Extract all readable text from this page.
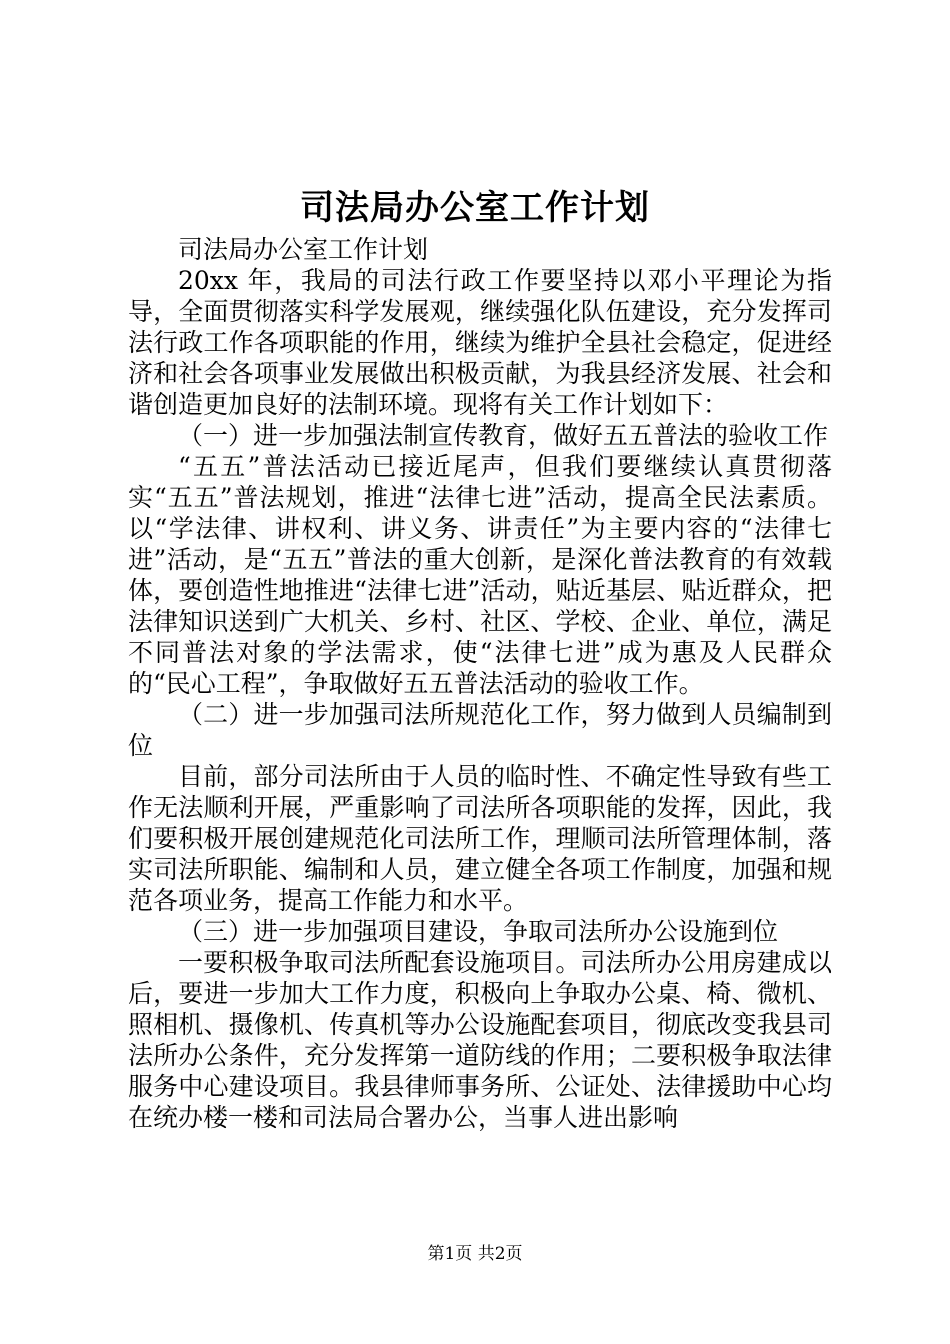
司法局办公室工作计划

司法局办公室工作计划

20xx 年，我局的司法行政工作要坚持以邓小平理论为指导，全面贯彻落实科学发展观，继续强化队伍建设，充分发挥司法行政工作各项职能的作用，继续为维护全县社会稳定，促进经济和社会各项事业发展做出积极贡献，为我县经济发展、社会和谐创造更加良好的法制环境。现将有关工作计划如下：

（一）进一步加强法制宣传教育，做好五五普法的验收工作

“五五”普法活动已接近尾声，但我们要继续认真贯彻落实“五五”普法规划，推进“法律七进”活动，提高全民法素质。以“学法律、讲权利、讲义务、讲责任”为主要内容的“法律七进”活动，是“五五”普法的重大创新，是深化普法教育的有效载体，要创造性地推进“法律七进”活动，贴近基层、贴近群众，把法律知识送到广大机关、乡村、社区、学校、企业、单位，满足不同普法对象的学法需求，使“法律七进”成为惠及人民群众的“民心工程”，争取做好五五普法活动的验收工作。

（二）进一步加强司法所规范化工作，努力做到人员编制到位

目前，部分司法所由于人员的临时性、不确定性导致有些工作无法顺利开展，严重影响了司法所各项职能的发挥，因此，我们要积极开展创建规范化司法所工作，理顺司法所管理体制，落实司法所职能、编制和人员，建立健全各项工作制度，加强和规范各项业务，提高工作能力和水平。

（三）进一步加强项目建设，争取司法所办公设施到位

一要积极争取司法所配套设施项目。司法所办公用房建成以后，要进一步加大工作力度，积极向上争取办公桌、椅、微机、照相机、摄像机、传真机等办公设施配套项目，彻底改变我县司法所办公条件，充分发挥第一道防线的作用；二要积极争取法律服务中心建设项目。我县律师事务所、公证处、法律援助中心均在统办楼一楼和司法局合署办公，当事人进出影响

第1页 共2页
